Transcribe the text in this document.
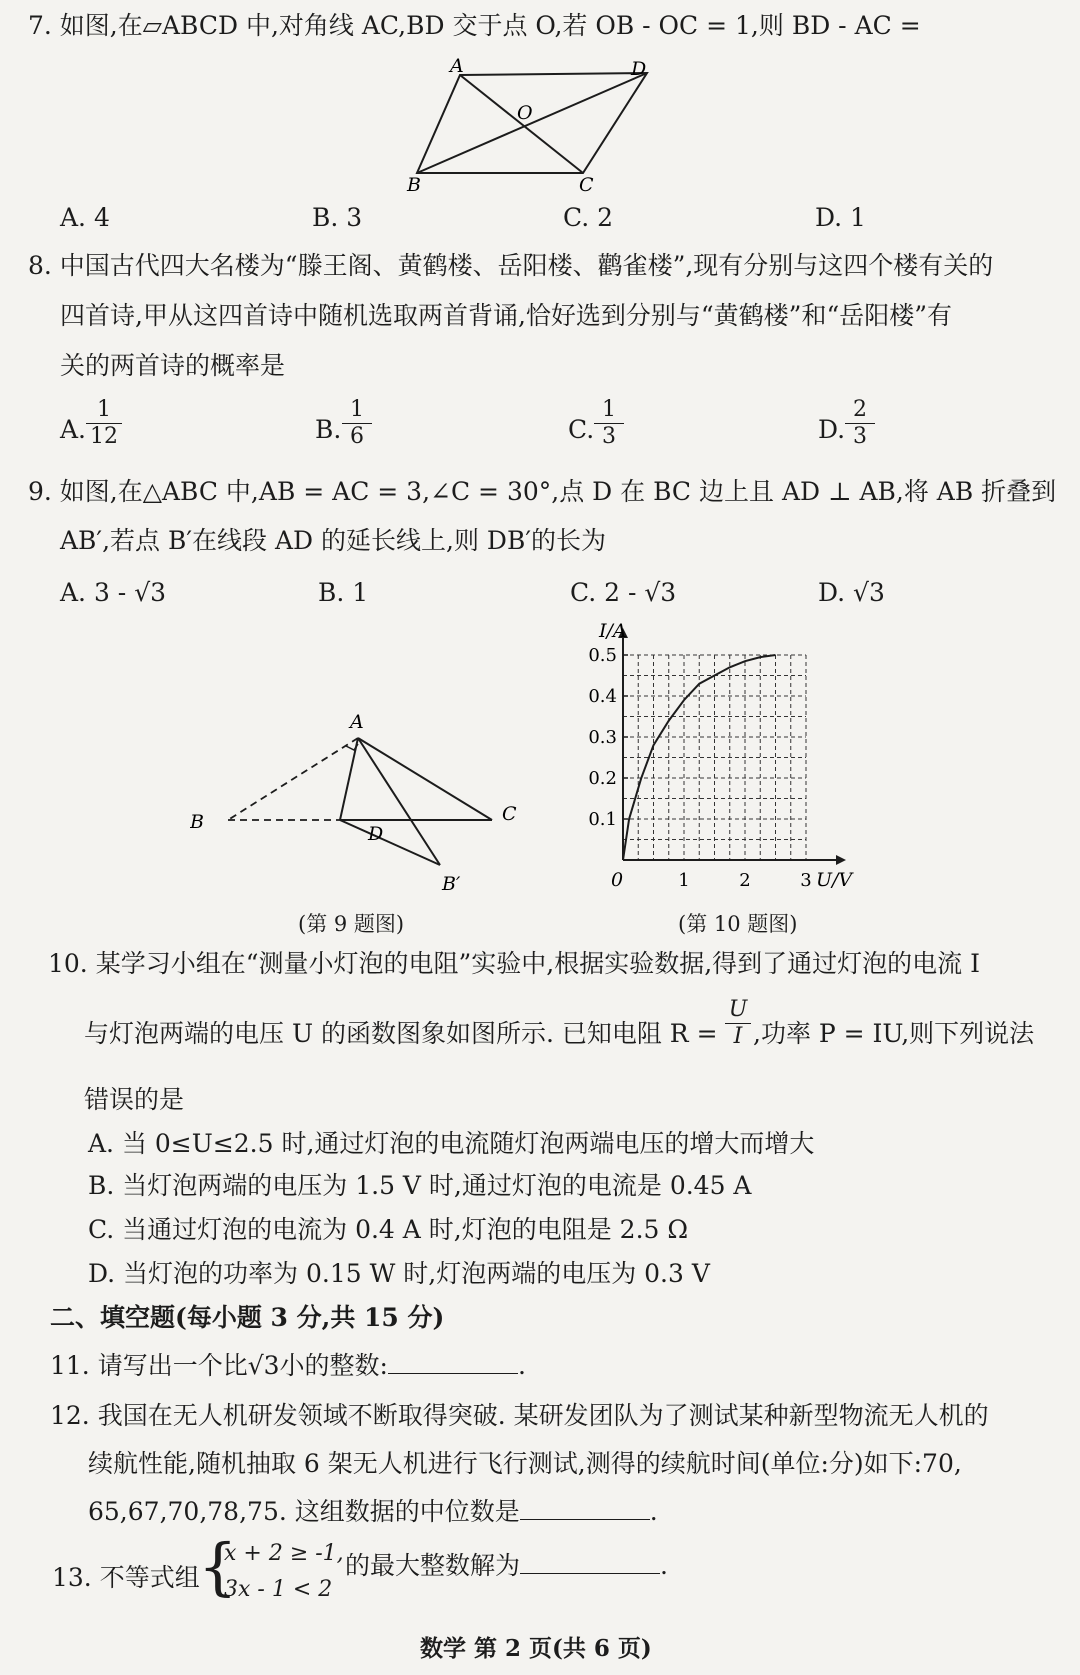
7. 如图,在▱ABCD 中,对角线 AC,BD 交于点 O,若 OB - OC = 1,则 BD - AC =
A	D
O
B	C
A. 4	B. 3	C. 2	D. 1
8. 中国古代四大名楼为“滕王阁、黄鹤楼、岳阳楼、鹳雀楼”,现有分别与这四个楼有关的
四首诗,甲从这四首诗中随机选取两首背诵,恰好选到分别与“黄鹤楼”和“岳阳楼”有
关的两首诗的概率是
A.
1
12	B.
1
6	C.
1
3	D.
2
3
9. 如图,在△ABC 中,AB = AC = 3,∠C = 30°,点 D 在 BC 边上且 AD ⊥ AB,将 AB 折叠到
AB′,若点 B′在线段 AD 的延长线上,则 DB′的长为
A. 3 - √3	B. 1	C. 2 - √3	D. √3
A
B	C
D
B′
(第 9 题图)
I/A
U/V
0	1	2	3
0.1
0.2
0.3
0.4
0.5
(第 10 题图)
10. 某学习小组在“测量小灯泡的电阻”实验中,根据实验数据,得到了通过灯泡的电流 I
与灯泡两端的电压 U 的函数图象如图所示. 已知电阻 R =
U
I ,功率 P = IU,则下列说法
错误的是
A. 当 0≤U≤2.5 时,通过灯泡的电流随灯泡两端电压的增大而增大
B. 当灯泡两端的电压为 1.5 V 时,通过灯泡的电流是 0.45 A
C. 当通过灯泡的电流为 0.4 A 时,灯泡的电阻是 2.5 Ω
D. 当灯泡的功率为 0.15 W 时,灯泡两端的电压为 0.3 V
二、填空题(每小题 3 分,共 15 分)
11. 请写出一个比√3小的整数:	.
12. 我国在无人机研发领域不断取得突破. 某研发团队为了测试某种新型物流无人机的
续航性能,随机抽取 6 架无人机进行飞行测试,测得的续航时间(单位:分)如下:70,
65,67,70,78,75. 这组数据的中位数是	.
13. 不等式组
{
x + 2 ≥ -1,
3x - 1 < 2
的最大整数解为	.
数学 第 2 页(共 6 页)
